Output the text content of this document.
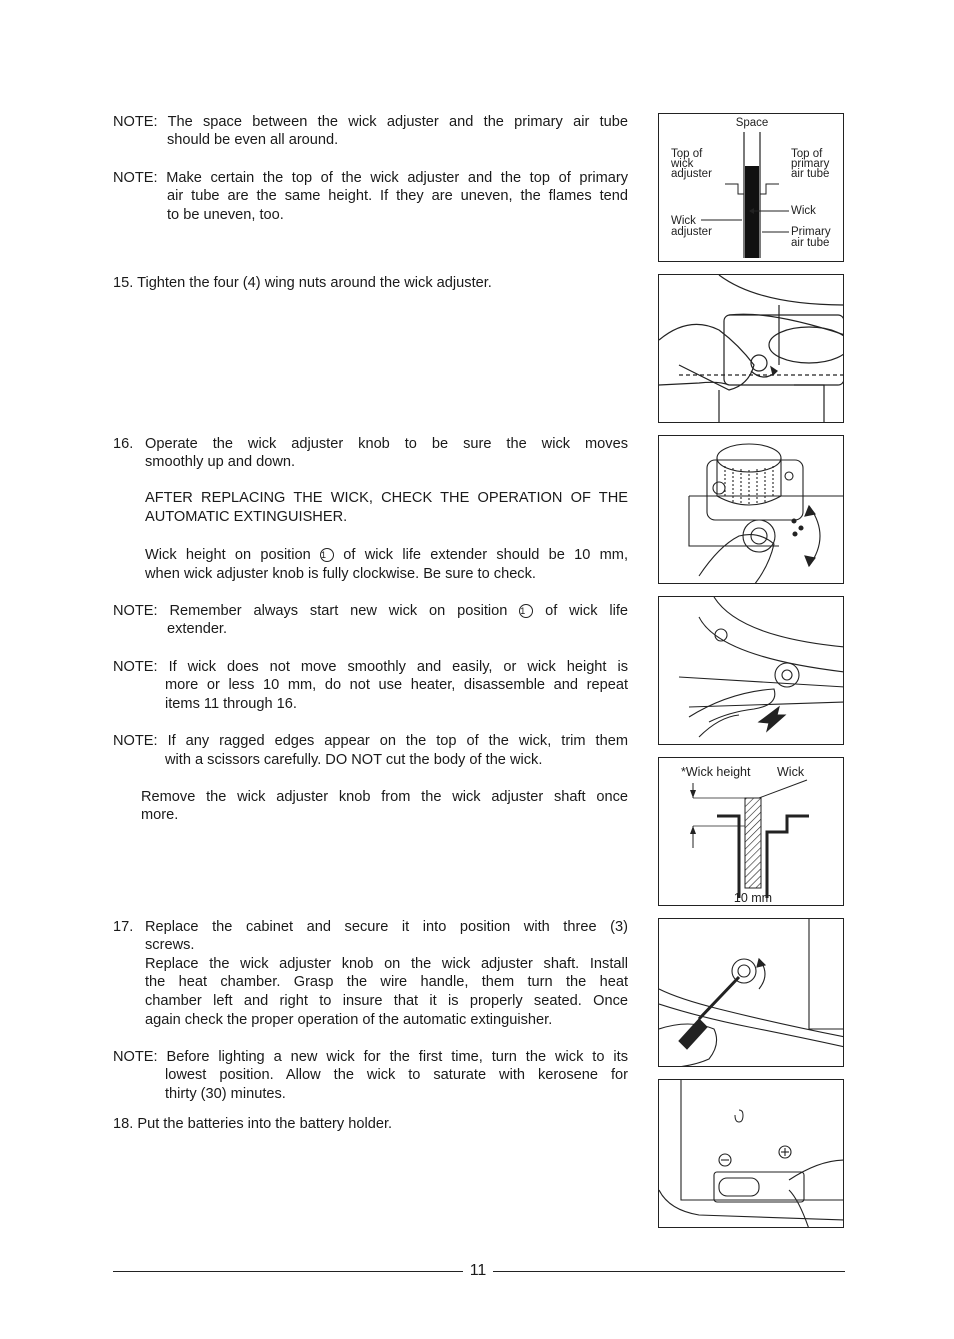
NOTE: The space between the wick adjuster and the primary air tube
should be even all around.
NOTE: Make certain the top of the wick adjuster and the top of primary
air tube are the same height. If they are uneven, the flames tend
to be uneven, too.
15. Tighten the four (4) wing nuts around the wick adjuster.
16. Operate the wick adjuster knob to be sure the wick moves
smoothly up and down.
AFTER REPLACING THE WICK, CHECK THE OPERATION OF THE
AUTOMATIC EXTINGUISHER.
Wick height on position 1 of wick life extender should be 10 mm,
when wick adjuster knob is fully clockwise. Be sure to check.
NOTE: Remember always start new wick on position 1 of wick life
extender.
NOTE: If wick does not move smoothly and easily, or wick height is
more or less 10 mm, do not use heater, disassemble and repeat
items 11 through 16.
NOTE: If any ragged edges appear on the top of the wick, trim them
with a scissors carefully. DO NOT cut the body of the wick.
Remove the wick adjuster knob from the wick adjuster shaft once
more.
17. Replace the cabinet and secure it into position with three (3)
screws.
Replace the wick adjuster knob on the wick adjuster shaft. Install
the heat chamber. Grasp the wire handle, them turn the heat
chamber left and right to insure that it is properly seated. Once
again check the proper operation of the automatic extinguisher.
NOTE: Before lighting a new wick for the first time, turn the wick to its
lowest position. Allow the wick to saturate with kerosene for
thirty (30) minutes.
18. Put the batteries into the battery holder.
Space
Top of
wick
adjuster
Top of
primary
air tube
Wick
adjuster
Wick
Primary
air tube
*Wick height Wick
10 mm
11
